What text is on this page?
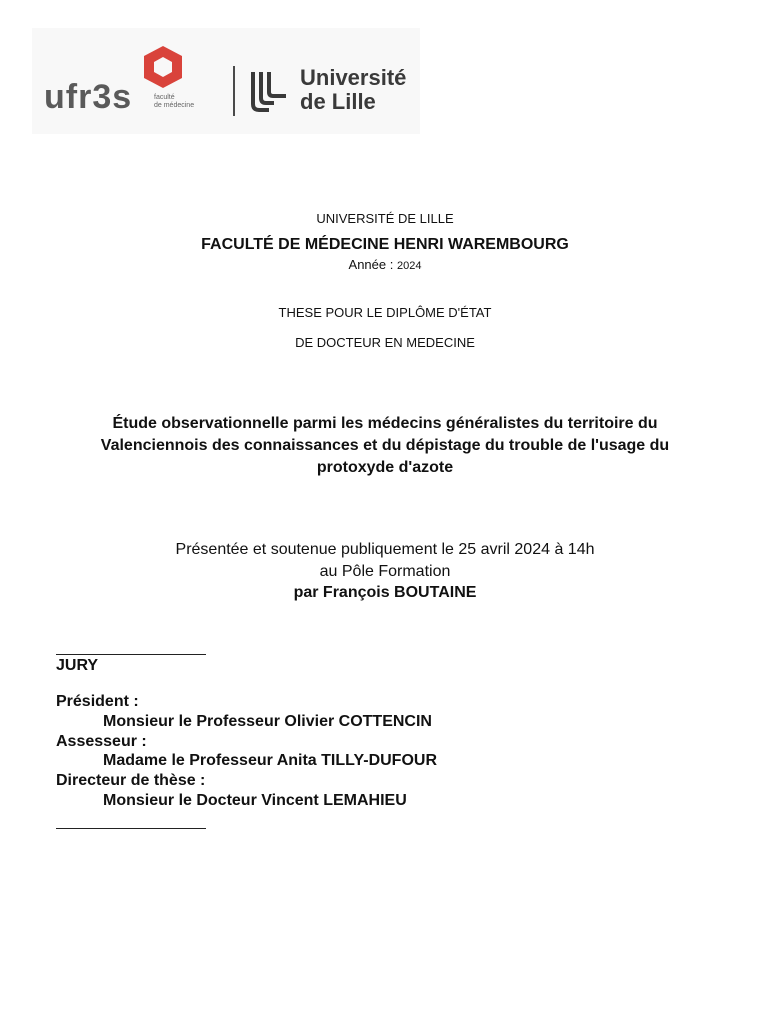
ufr3s	faculté
de médecine
Université
de Lille
UNIVERSITÉ DE LILLE
FACULTÉ DE MÉDECINE HENRI WAREMBOURG
Année : 2024
THESE POUR LE DIPLÔME D'ÉTAT
DE DOCTEUR EN MEDECINE
Étude observationnelle parmi les médecins généralistes du territoire du
Valenciennois des connaissances et du dépistage du trouble de l'usage du
protoxyde d'azote
Présentée et soutenue publiquement le 25 avril 2024 à 14h
au Pôle Formation
par François BOUTAINE
JURY
Président :
Monsieur le Professeur Olivier COTTENCIN
Assesseur :
Madame le Professeur Anita TILLY-DUFOUR
Directeur de thèse :
Monsieur le Docteur Vincent LEMAHIEU
